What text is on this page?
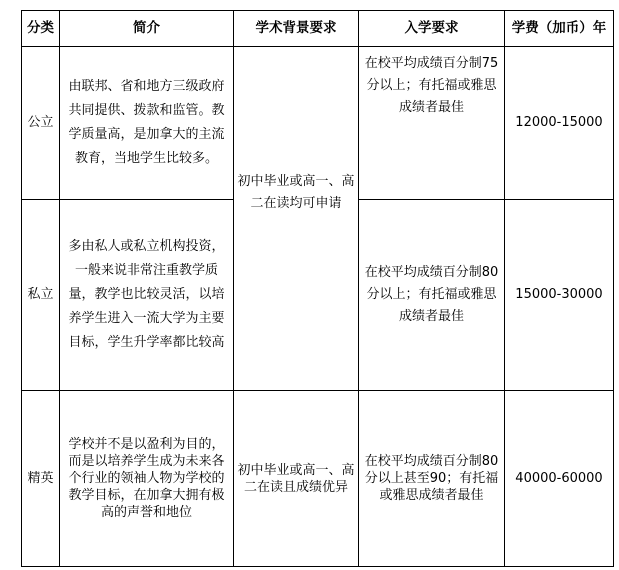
分类	简介	学术背景要求	入学要求	学费（加币）年
公立	由联邦、省和地方三级政府共同提供、拨款和监管。教学质量高，是加拿大的主流教育，当地学生比较多。	初中毕业或高一、高二在读均可申请	在校平均成绩百分制75分以上；有托福或雅思成绩者最佳	12000-15000
私立	多由私人或私立机构投资，一般来说非常注重教学质量，教学也比较灵活，以培养学生进入一流大学为主要目标，学生升学率都比较高		在校平均成绩百分制80分以上；有托福或雅思成绩者最佳	15000-30000
精英	学校并不是以盈利为目的，而是以培养学生成为未来各个行业的领袖人物为学校的教学目标，在加拿大拥有极高的声誉和地位	初中毕业或高一、高二在读且成绩优异	在校平均成绩百分制80分以上甚至90；有托福或雅思成绩者最佳	40000-60000
